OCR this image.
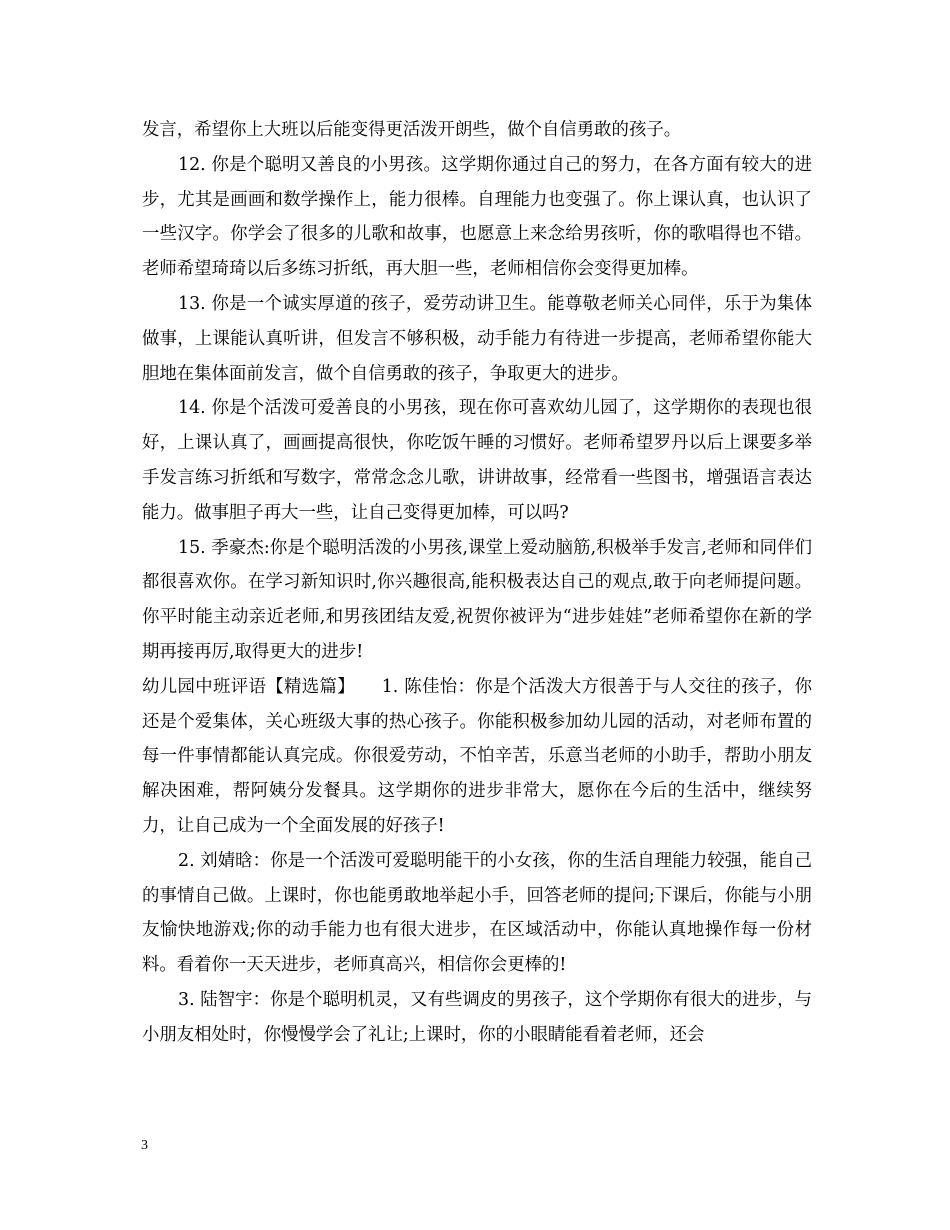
发言，希望你上大班以后能变得更活泼开朗些，做个自信勇敢的孩子。

12. 你是个聪明又善良的小男孩。这学期你通过自己的努力，在各方面有较大的进步，尤其是画画和数学操作上，能力很棒。自理能力也变强了。你上课认真，也认识了一些汉字。你学会了很多的儿歌和故事，也愿意上来念给男孩听，你的歌唱得也不错。老师希望琦琦以后多练习折纸，再大胆一些，老师相信你会变得更加棒。

13. 你是一个诚实厚道的孩子，爱劳动讲卫生。能尊敬老师关心同伴，乐于为集体做事，上课能认真听讲，但发言不够积极，动手能力有待进一步提高，老师希望你能大胆地在集体面前发言，做个自信勇敢的孩子，争取更大的进步。

14. 你是个活泼可爱善良的小男孩，现在你可喜欢幼儿园了，这学期你的表现也很好，上课认真了，画画提高很快，你吃饭午睡的习惯好。老师希望罗丹以后上课要多举手发言练习折纸和写数字，常常念念儿歌，讲讲故事，经常看一些图书，增强语言表达能力。做事胆子再大一些，让自己变得更加棒，可以吗?

15. 季豪杰:你是个聪明活泼的小男孩,课堂上爱动脑筋,积极举手发言,老师和同伴们都很喜欢你。在学习新知识时,你兴趣很高,能积极表达自己的观点,敢于向老师提问题。你平时能主动亲近老师,和男孩团结友爱,祝贺你被评为“进步娃娃”老师希望你在新的学期再接再厉,取得更大的进步!

幼儿园中班评语【精选篇】　　1. 陈佳怡：你是个活泼大方很善于与人交往的孩子，你还是个爱集体，关心班级大事的热心孩子。你能积极参加幼儿园的活动，对老师布置的每一件事情都能认真完成。你很爱劳动，不怕辛苦，乐意当老师的小助手，帮助小朋友解决困难，帮阿姨分发餐具。这学期你的进步非常大，愿你在今后的生活中，继续努力，让自己成为一个全面发展的好孩子!

2. 刘婧晗：你是一个活泼可爱聪明能干的小女孩，你的生活自理能力较强，能自己的事情自己做。上课时，你也能勇敢地举起小手，回答老师的提问;下课后，你能与小朋友愉快地游戏;你的动手能力也有很大进步，在区域活动中，你能认真地操作每一份材料。看着你一天天进步，老师真高兴，相信你会更棒的!

3. 陆智宇：你是个聪明机灵，又有些调皮的男孩子，这个学期你有很大的进步，与小朋友相处时，你慢慢学会了礼让;上课时，你的小眼睛能看着老师，还会

3
